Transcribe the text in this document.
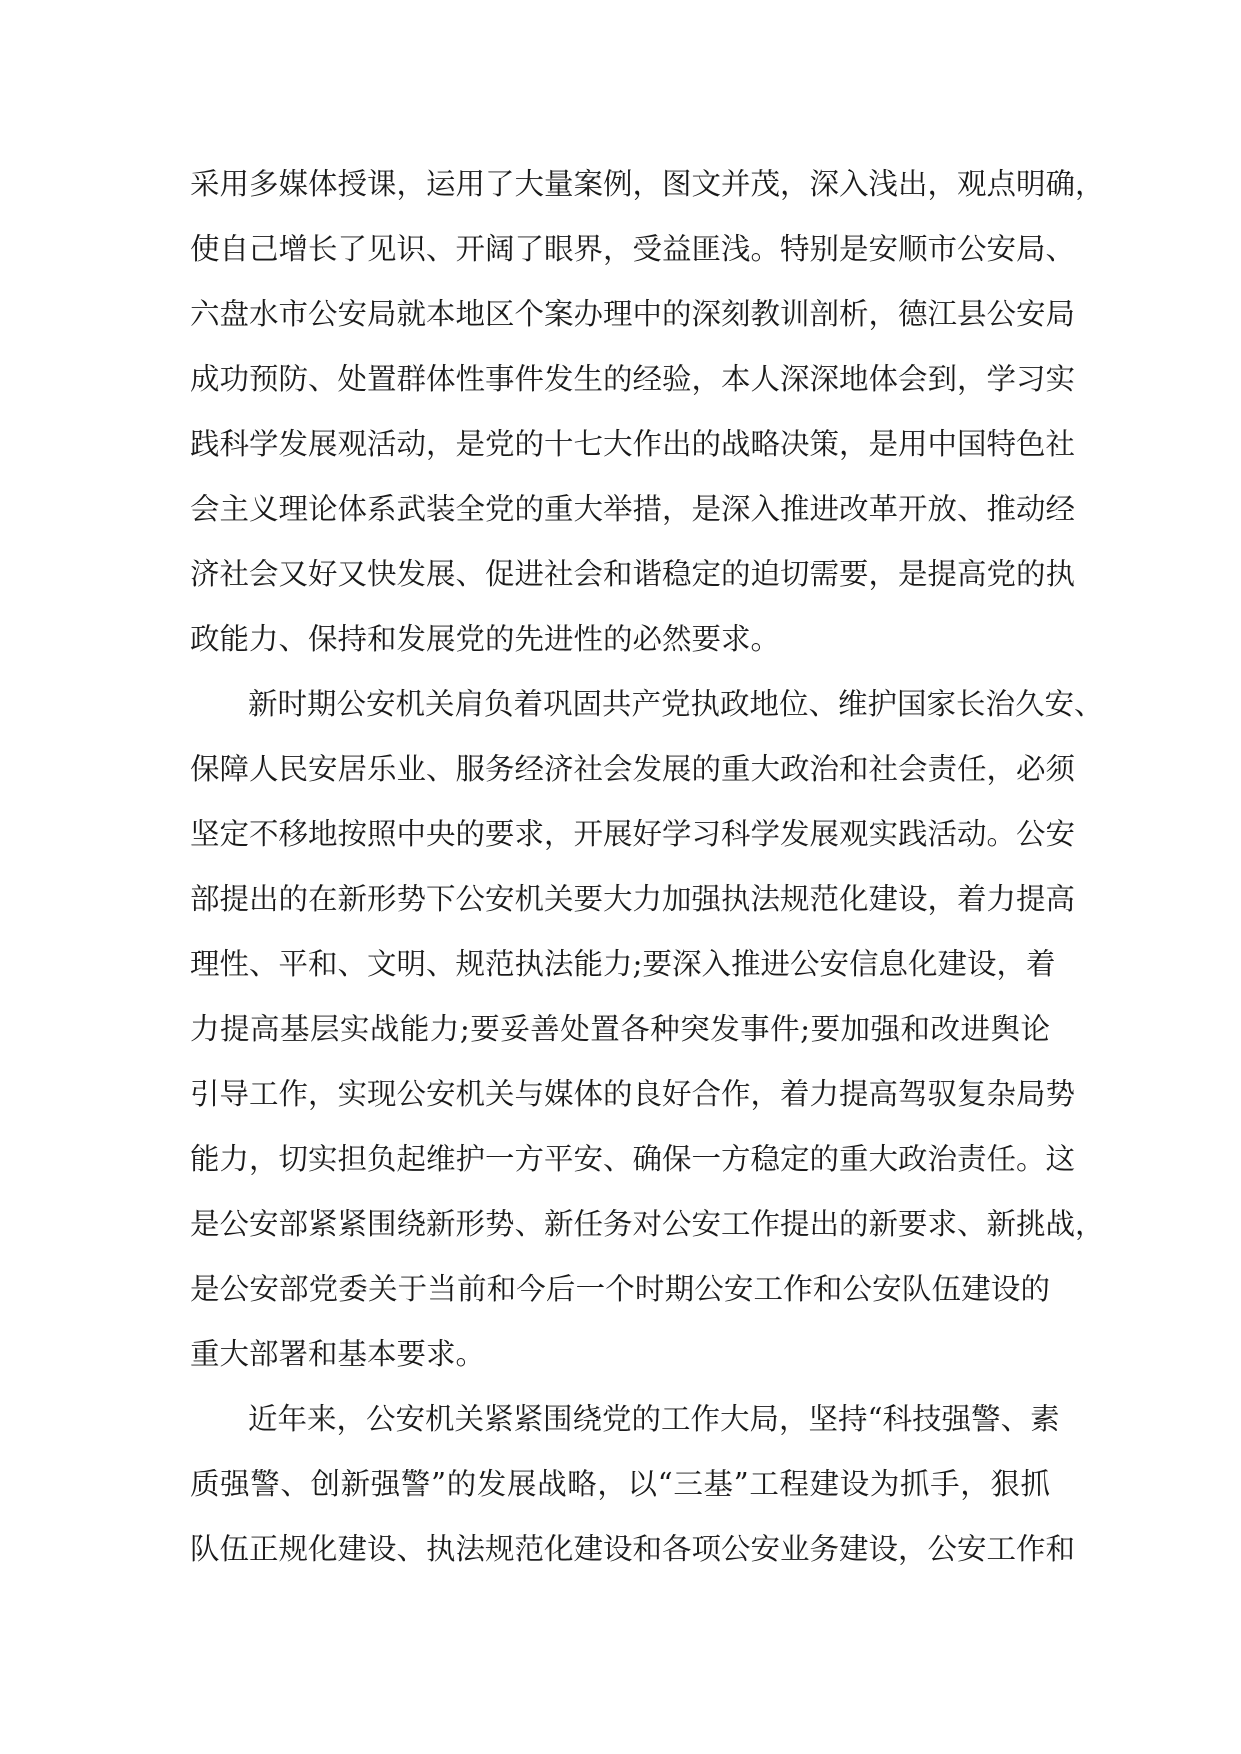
采用多媒体授课，运用了大量案例，图文并茂，深入浅出，观点明确，
使自己增长了见识、开阔了眼界，受益匪浅。特别是安顺市公安局、
六盘水市公安局就本地区个案办理中的深刻教训剖析，德江县公安局
成功预防、处置群体性事件发生的经验，本人深深地体会到，学习实
践科学发展观活动，是党的十七大作出的战略决策，是用中国特色社
会主义理论体系武装全党的重大举措，是深入推进改革开放、推动经
济社会又好又快发展、促进社会和谐稳定的迫切需要，是提高党的执
政能力、保持和发展党的先进性的必然要求。
新时期公安机关肩负着巩固共产党执政地位、维护国家长治久安、
保障人民安居乐业、服务经济社会发展的重大政治和社会责任，必须
坚定不移地按照中央的要求，开展好学习科学发展观实践活动。公安
部提出的在新形势下公安机关要大力加强执法规范化建设，着力提高
理性、平和、文明、规范执法能力;要深入推进公安信息化建设，着
力提高基层实战能力;要妥善处置各种突发事件;要加强和改进舆论
引导工作，实现公安机关与媒体的良好合作，着力提高驾驭复杂局势
能力，切实担负起维护一方平安、确保一方稳定的重大政治责任。这
是公安部紧紧围绕新形势、新任务对公安工作提出的新要求、新挑战，
是公安部党委关于当前和今后一个时期公安工作和公安队伍建设的
重大部署和基本要求。
近年来，公安机关紧紧围绕党的工作大局，坚持“科技强警、素
质强警、创新强警”的发展战略，以“三基”工程建设为抓手，狠抓
队伍正规化建设、执法规范化建设和各项公安业务建设，公安工作和
